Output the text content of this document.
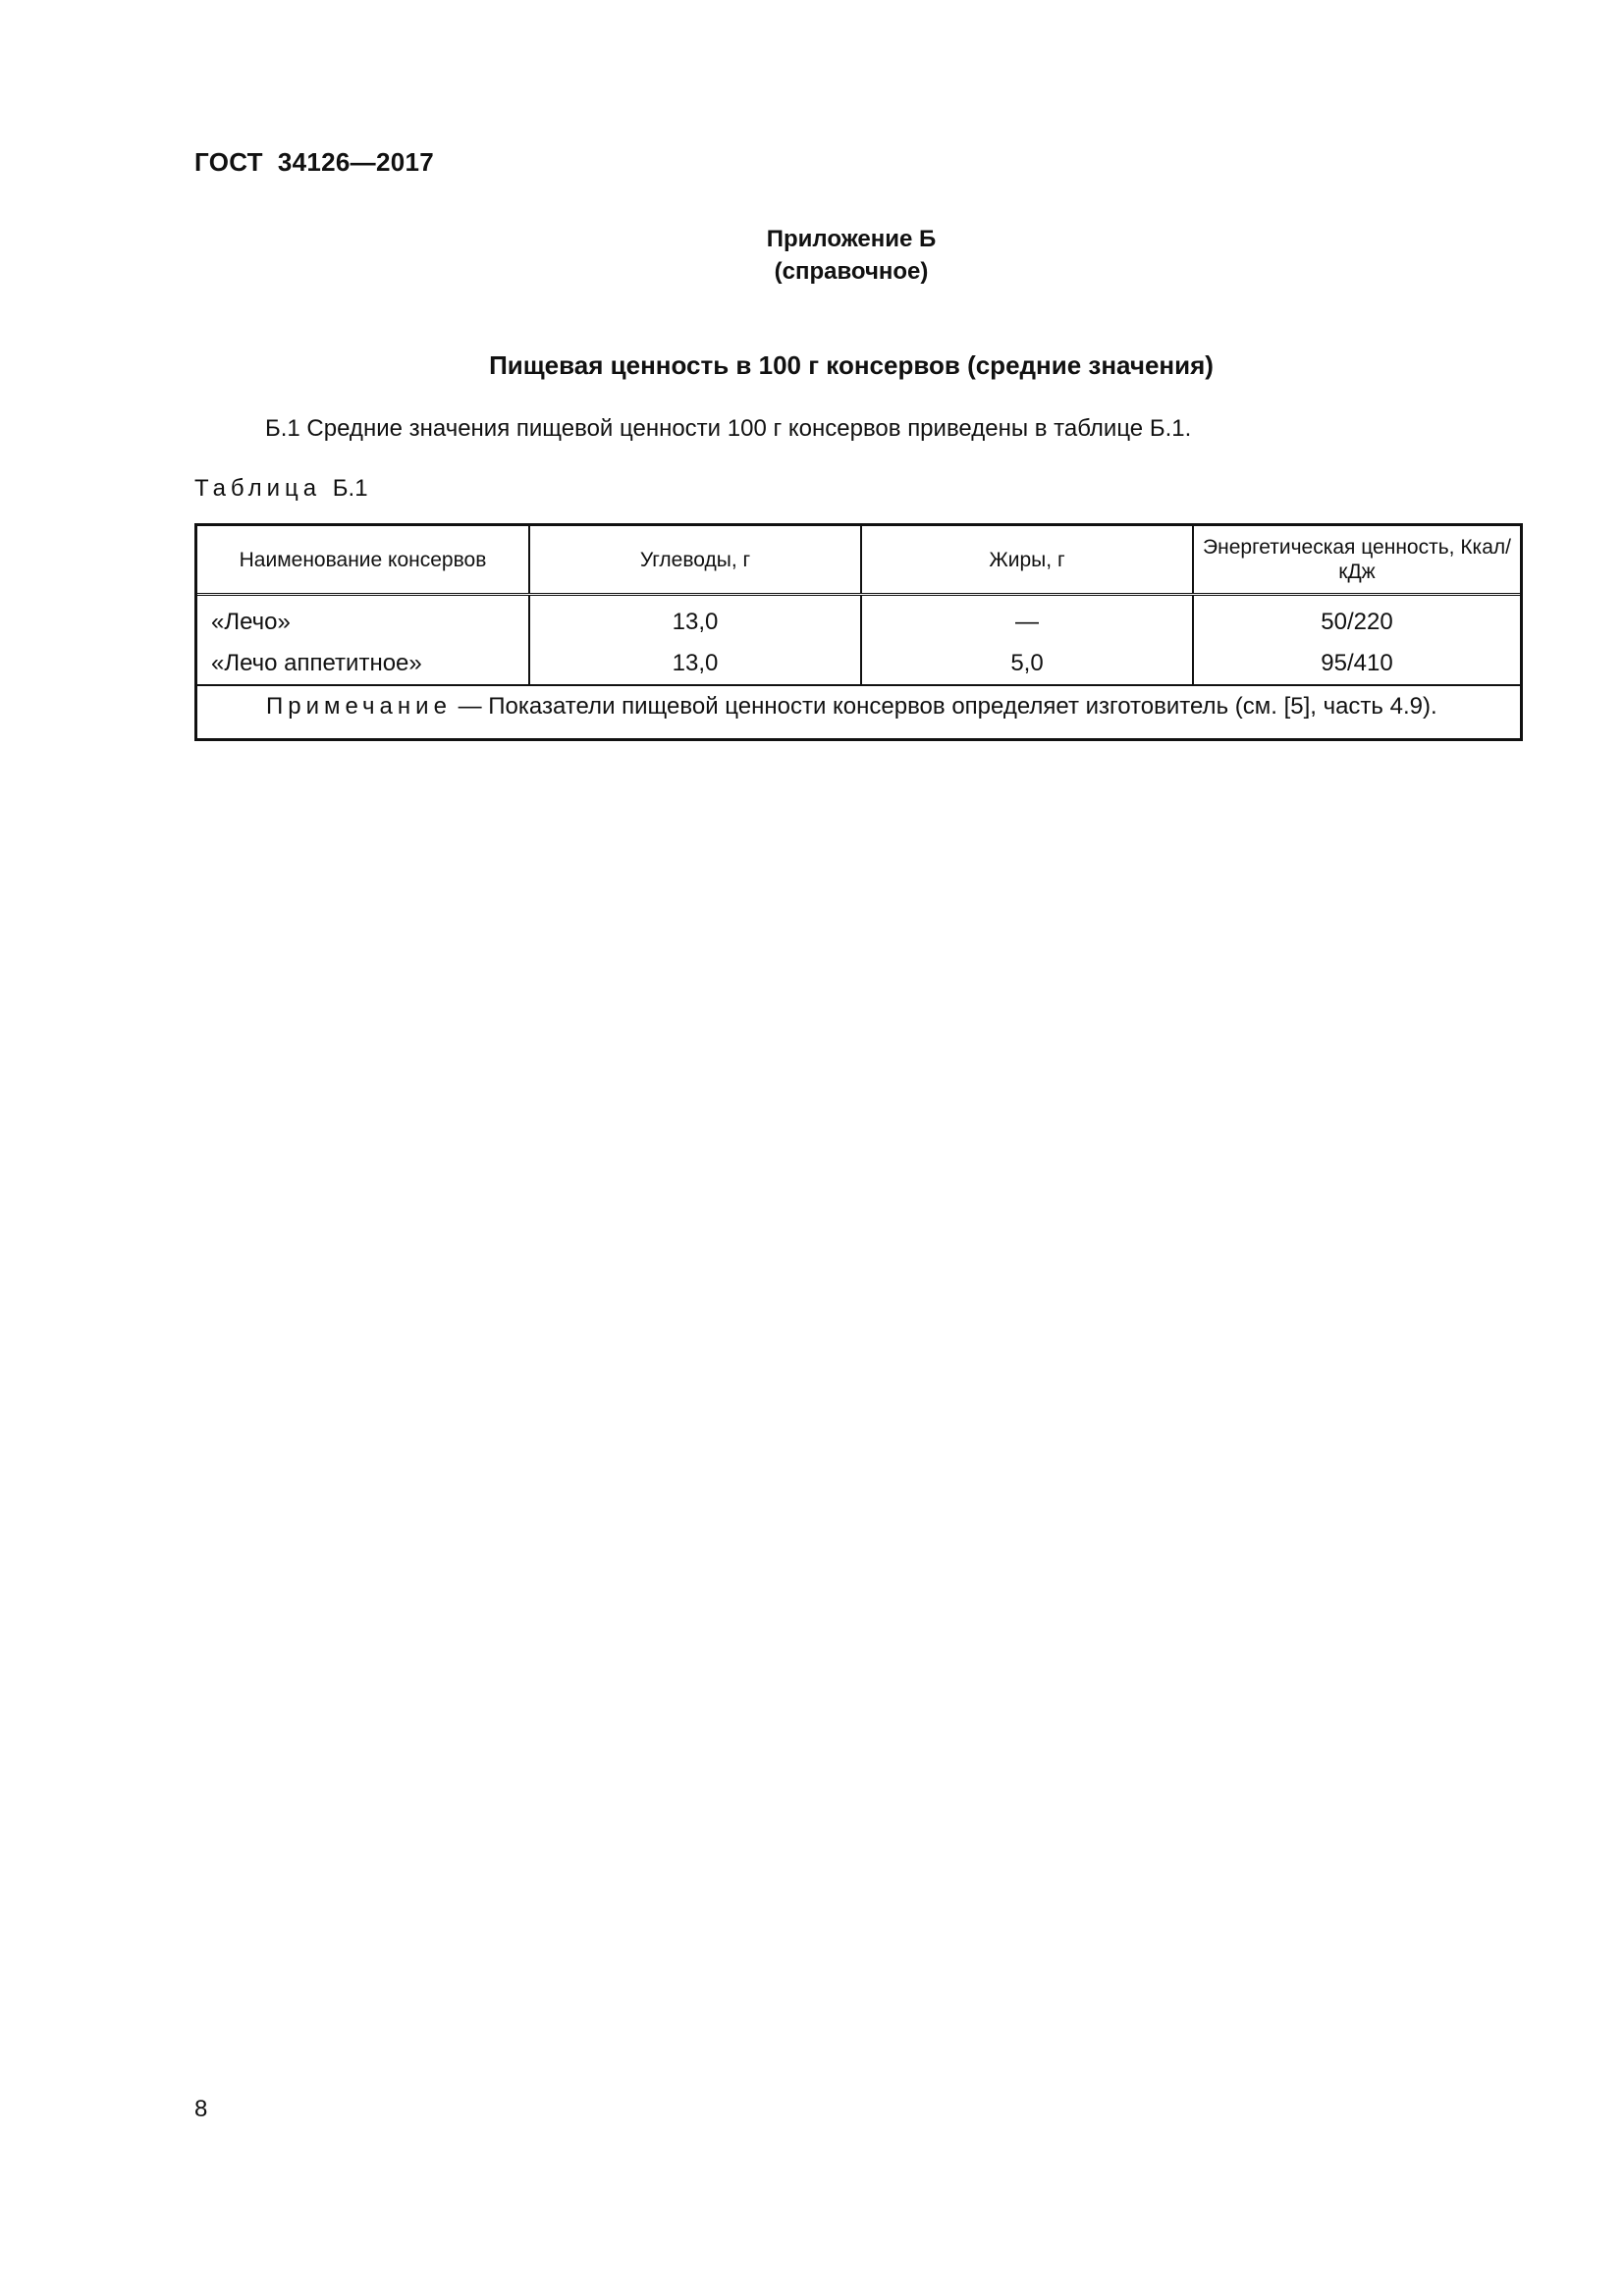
ГОСТ  34126—2017
Приложение Б
(справочное)
Пищевая ценность в 100 г консервов (средние значения)
Б.1 Средние значения пищевой ценности 100 г консервов приведены в таблице Б.1.
Таблица Б.1
Наименование консервов	Углеводы, г	Жиры, г	Энергетическая ценность, Ккал/кДж
«Лечо»	13,0	—	50/220
«Лечо аппетитное»	13,0	5,0	95/410
Примечание — Показатели пищевой ценности консервов определяет изготовитель (см. [5], часть 4.9).			
8
